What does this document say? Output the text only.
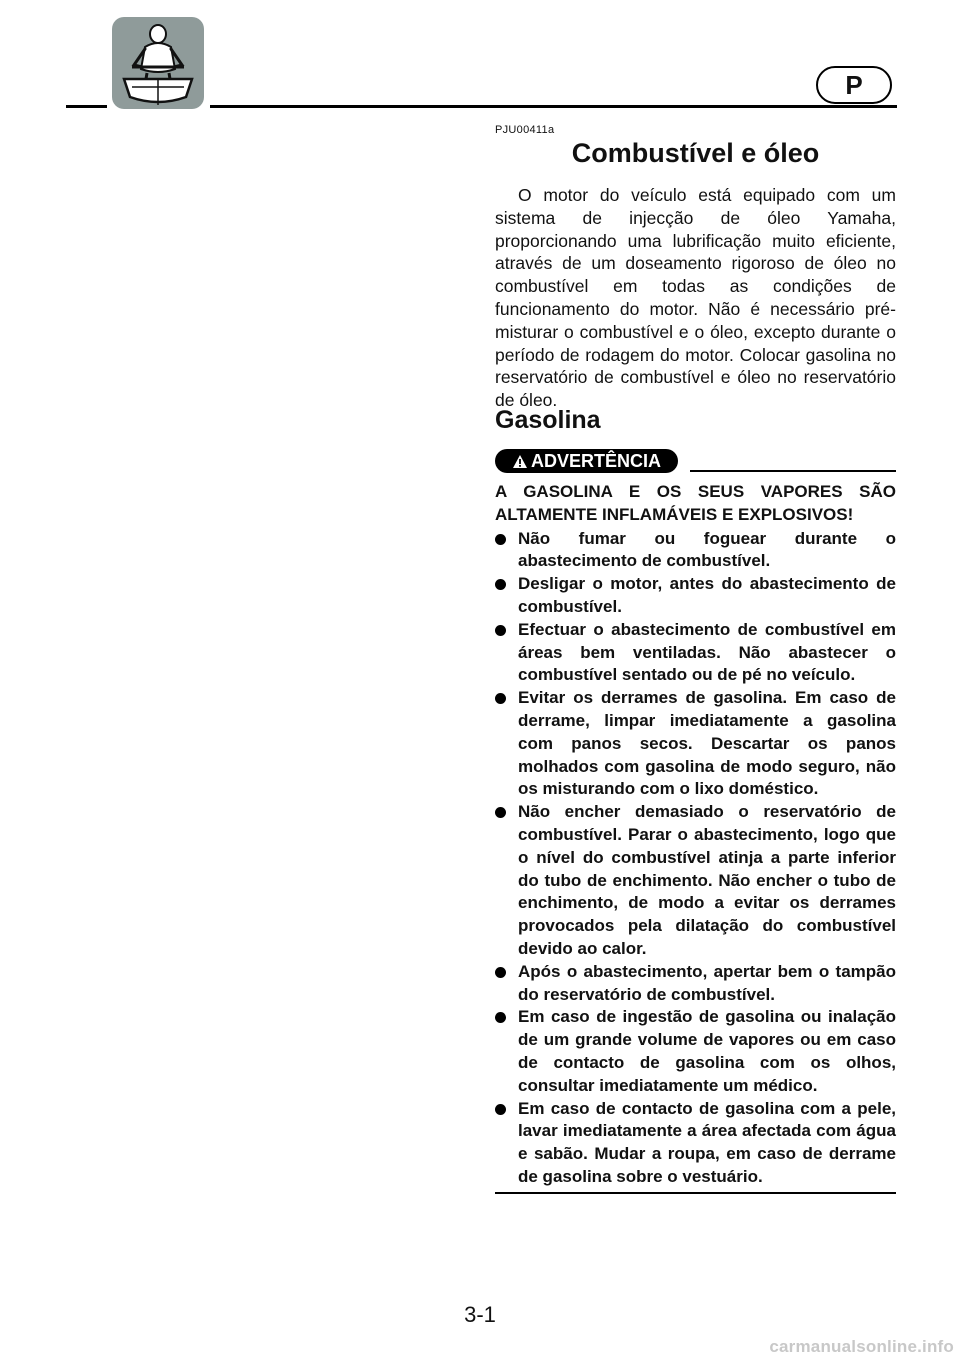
P
PJU00411a
Combustível e óleo

O motor do veículo está equipado com um sistema de injecção de óleo Yamaha, proporcionando uma lubrificação muito eficiente, através de um doseamento rigoroso de óleo no combustível em todas as condições de funcionamento do motor. Não é necessário pré-misturar o combustível e o óleo, excepto durante o período de rodagem do motor. Colocar gasolina no reservatório de combustível e óleo no reservatório de óleo.

Gasolina
ADVERTÊNCIA

A GASOLINA E OS SEUS VAPORES SÃO ALTAMENTE INFLAMÁVEIS E EXPLOSIVOS!

Não fumar ou foguear durante o abastecimento de combustível.
Desligar o motor, antes do abastecimento de combustível.
Efectuar o abastecimento de combustível em áreas bem ventiladas. Não abastecer o combustível sentado ou de pé no veículo.
Evitar os derrames de gasolina. Em caso de derrame, limpar imediatamente a gasolina com panos secos. Descartar os panos molhados com gasolina de modo seguro, não os misturando com o lixo doméstico.
Não encher demasiado o reservatório de combustível. Parar o abastecimento, logo que o nível do combustível atinja a parte inferior do tubo de enchimento. Não encher o tubo de enchimento, de modo a evitar os derrames provocados pela dilatação do combustível devido ao calor.
Após o abastecimento, apertar bem o tampão do reservatório de combustível.
Em caso de ingestão de gasolina ou inalação de um grande volume de vapores ou em caso de contacto de gasolina com os olhos, consultar imediatamente um médico.
Em caso de contacto de gasolina com a pele, lavar imediatamente a área afectada com água e sabão. Mudar a roupa, em caso de derrame de gasolina sobre o vestuário.
3-1
carmanualsonline.info
